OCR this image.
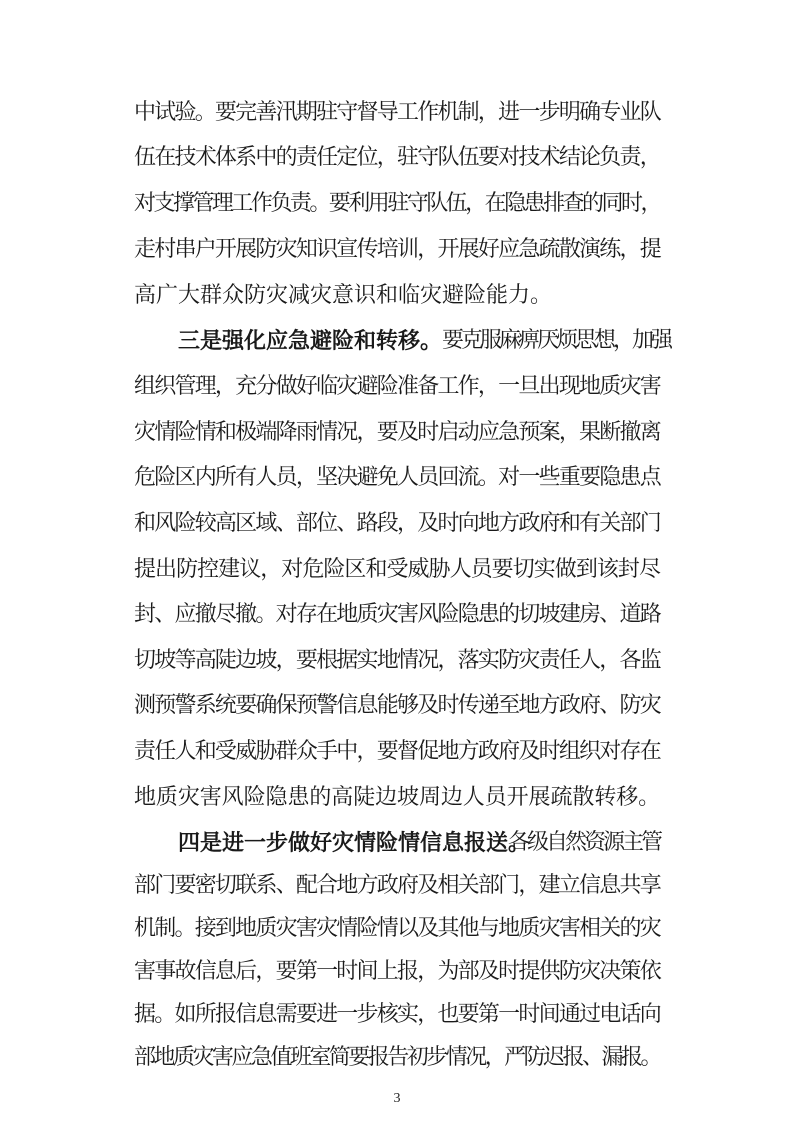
中试验。要完善汛期驻守督导工作机制，进一步明确专业队
伍在技术体系中的责任定位，驻守队伍要对技术结论负责，
对支撑管理工作负责。要利用驻守队伍，在隐患排查的同时，
走村串户开展防灾知识宣传培训，开展好应急疏散演练，提
高广大群众防灾减灾意识和临灾避险能力。
三是强化应急避险和转移。 要克服麻痹厌烦思想，加强
组织管理，充分做好临灾避险准备工作，一旦出现地质灾害
灾情险情和极端降雨情况，要及时启动应急预案，果断撤离
危险区内所有人员，坚决避免人员回流。对一些重要隐患点
和风险较高区域、部位、路段，及时向地方政府和有关部门
提出防控建议，对危险区和受威胁人员要切实做到该封尽
封、应撤尽撤。对存在地质灾害风险隐患的切坡建房、道路
切坡等高陡边坡，要根据实地情况，落实防灾责任人，各监
测预警系统要确保预警信息能够及时传递至地方政府、防灾
责任人和受威胁群众手中，要督促地方政府及时组织对存在
地质灾害风险隐患的高陡边坡周边人员开展疏散转移。
四是进一步做好灾情险情信息报送。
各级自然资源主管
部门要密切联系、配合地方政府及相关部门，建立信息共享
机制。接到地质灾害灾情险情以及其他与地质灾害相关的灾
害事故信息后，要第一时间上报，为部及时提供防灾决策依
据。如所报信息需要进一步核实，也要第一时间通过电话向
3
部地质灾害应急值班室简要报告初步情况，严防迟报、漏报。
